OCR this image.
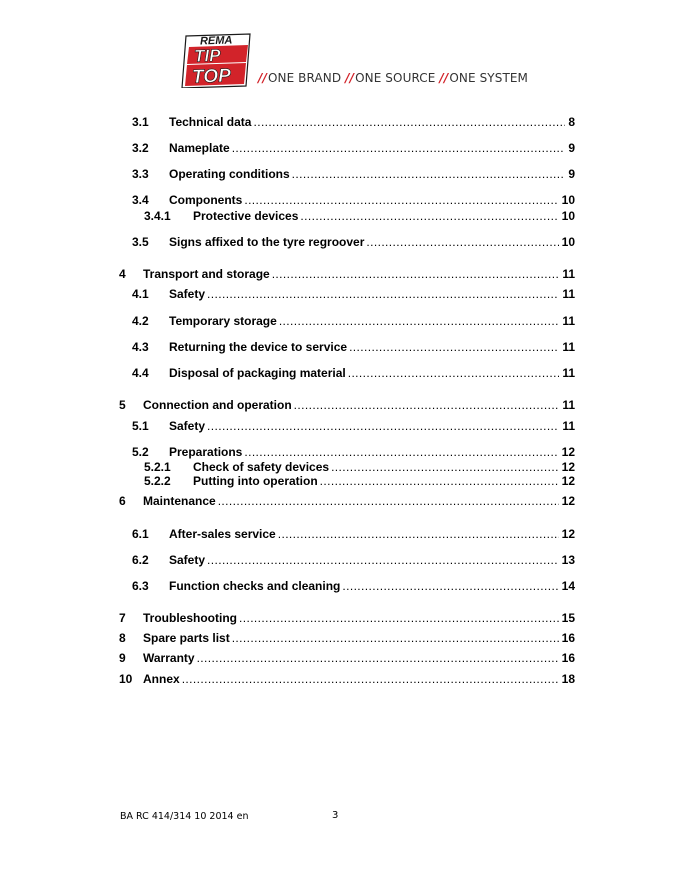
REMA
TIP
TOP //ONE BRAND //ONE SOURCE //ONE SYSTEM
3.1	Technical data .....	8
3.2	Nameplate .....	9
3.3	Operating conditions .....	9
3.4	Components .....	10
3.4.1	Protective devices .....	10
3.5	Signs affixed to the tyre regroover .....	10
4	Transport and storage .....	11
4.1	Safety .....	11
4.2	Temporary storage .....	11
4.3	Returning the device to service .....	11
4.4	Disposal of packaging material .....	11
5	Connection and operation .....	11
5.1	Safety .....	11
5.2	Preparations .....	12
5.2.1	Check of safety devices .....	12
5.2.2	Putting into operation .....	12
6	Maintenance .....	12
6.1	After-sales service .....	12
6.2	Safety .....	13
6.3	Function checks and cleaning .....	14
7	Troubleshooting .....	15
8	Spare parts list .....	16
9	Warranty .....	16
10 Annex .....	18
BA RC 414/314 10 2014 en	3
